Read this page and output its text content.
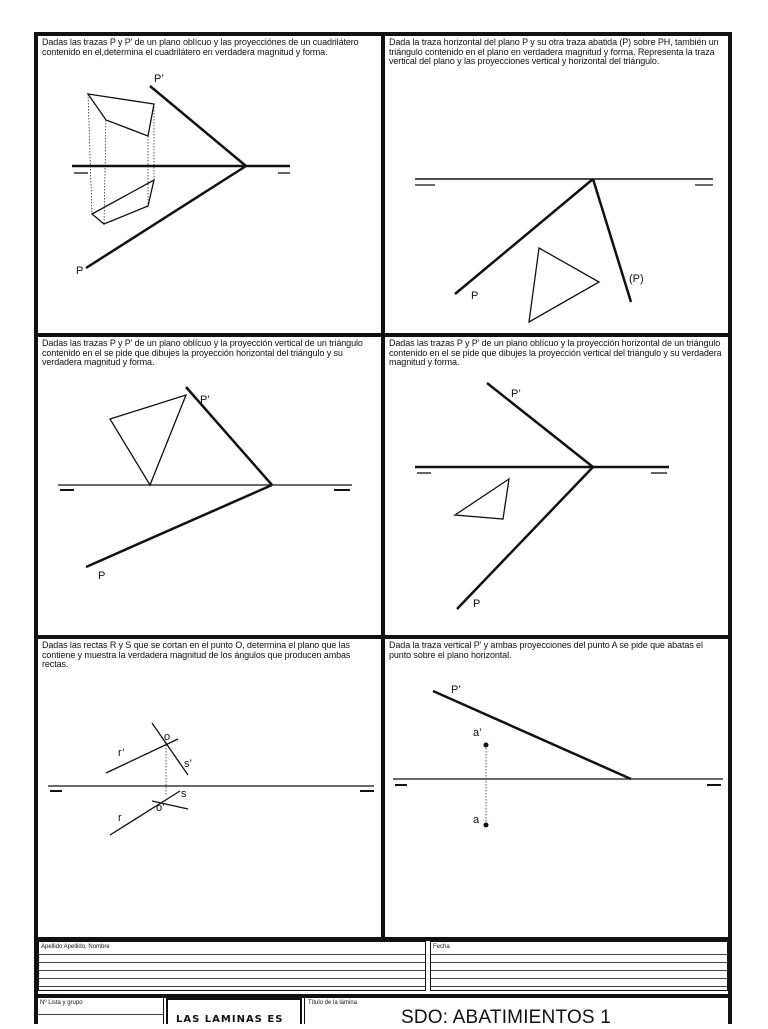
Dadas las trazas P y P’ de un plano oblícuo y las proyecciónes de un cuadrilátero contenido en el,determina el cuadrilátero en verdadera magnitud y forma.

P’
P

Dada la traza horizontal del plano P y su otra traza abatida (P) sobre PH, también un triángulo contenido en el plano en verdadera magnitud y forma. Representa la traza vertical del plano y las proyecciones vertical y horizontal del triángulo.

P
(P)

Dadas las trazas P y P’ de un plano oblícuo y la proyección vertical de un triángulo contenido en el se pide que dibujes la proyección horizontal del triángulo y su verdadera magnitud y forma.

P’
P

Dadas las trazas P y P’ de un plano oblícuo y la proyección horizontal de un triángulo contenido en el se pide que dibujes la proyección vertical del triángulo y su verdadera magnitud y forma.

P’
P

Dadas las rectas R y S que se cortan en el punto O, determina el plano que las contiene y muestra la verdadera magnitud de los ángulos que producen ambas rectas.

o
r’
s’
s
o’
r

Dada la traza vertical P’ y ambas proyecciones del punto A se pide que abatas el punto sobre el plano horizontal.

P’
a’
a
Apellido Apellido, Nombre	Fecha
Nº Lista y grupo
LAS LAMINAS ES
Título de la lámina
SDO: ABATIMIENTOS 1
